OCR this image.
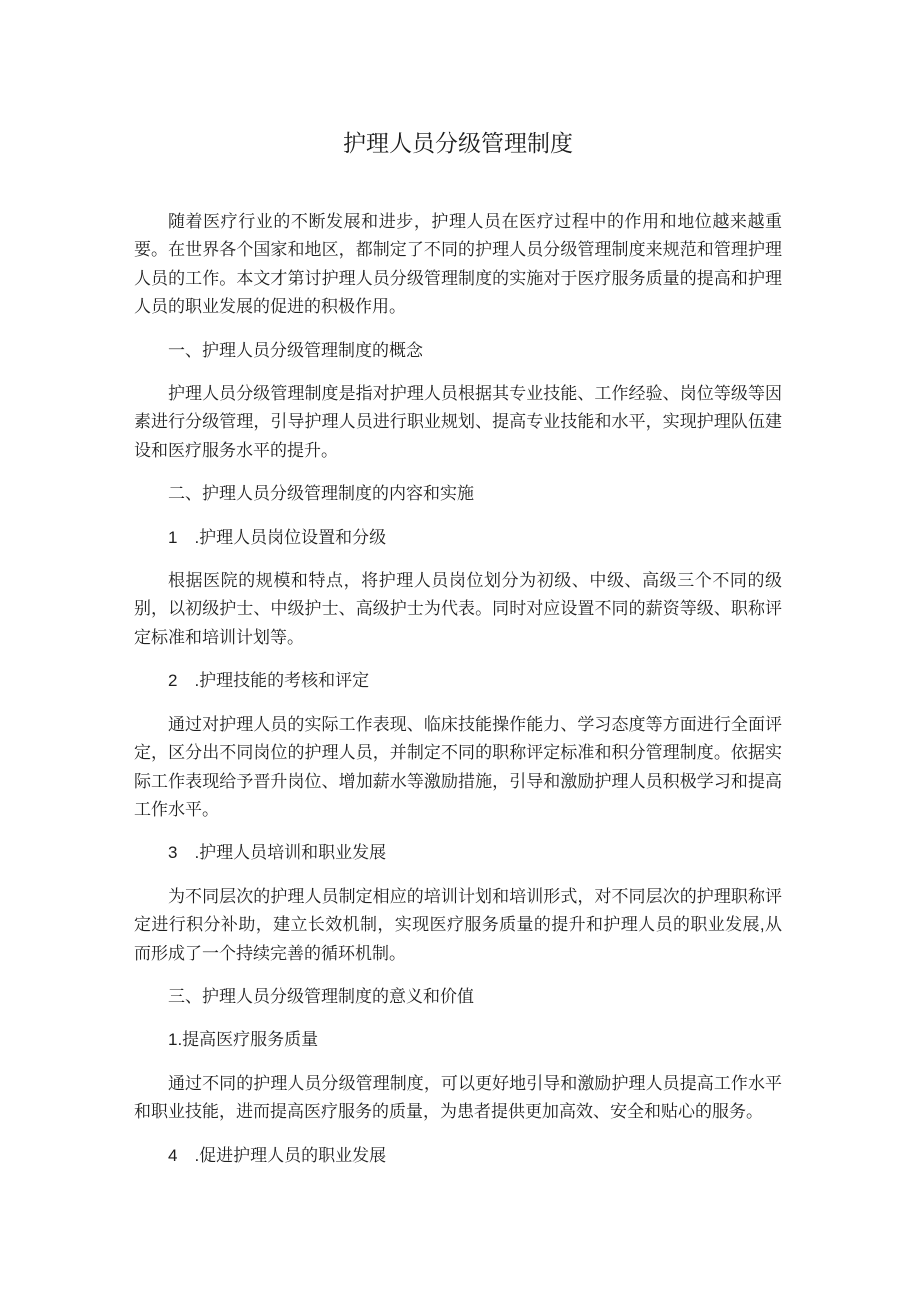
护理人员分级管理制度

随着医疗行业的不断发展和进步，护理人员在医疗过程中的作用和地位越来越重要。在世界各个国家和地区，都制定了不同的护理人员分级管理制度来规范和管理护理人员的工作。本文才第讨护理人员分级管理制度的实施对于医疗服务质量的提高和护理人员的职业发展的促进的积极作用。

一、护理人员分级管理制度的概念

护理人员分级管理制度是指对护理人员根据其专业技能、工作经验、岗位等级等因素进行分级管理，引导护理人员进行职业规划、提高专业技能和水平，实现护理队伍建设和医疗服务水平的提升。

二、护理人员分级管理制度的内容和实施

1　.护理人员岗位设置和分级

根据医院的规模和特点，将护理人员岗位划分为初级、中级、高级三个不同的级别，以初级护士、中级护士、高级护士为代表。同时对应设置不同的薪资等级、职称评定标准和培训计划等。

2　.护理技能的考核和评定

通过对护理人员的实际工作表现、临床技能操作能力、学习态度等方面进行全面评定，区分出不同岗位的护理人员，并制定不同的职称评定标准和积分管理制度。依据实际工作表现给予晋升岗位、增加薪水等激励措施，引导和激励护理人员积极学习和提高工作水平。

3　.护理人员培训和职业发展

为不同层次的护理人员制定相应的培训计划和培训形式，对不同层次的护理职称评定进行积分补助，建立长效机制，实现医疗服务质量的提升和护理人员的职业发展,从而形成了一个持续完善的循环机制。

三、护理人员分级管理制度的意义和价值

1.提高医疗服务质量

通过不同的护理人员分级管理制度，可以更好地引导和激励护理人员提高工作水平和职业技能，进而提高医疗服务的质量，为患者提供更加高效、安全和贴心的服务。

4　.促进护理人员的职业发展
